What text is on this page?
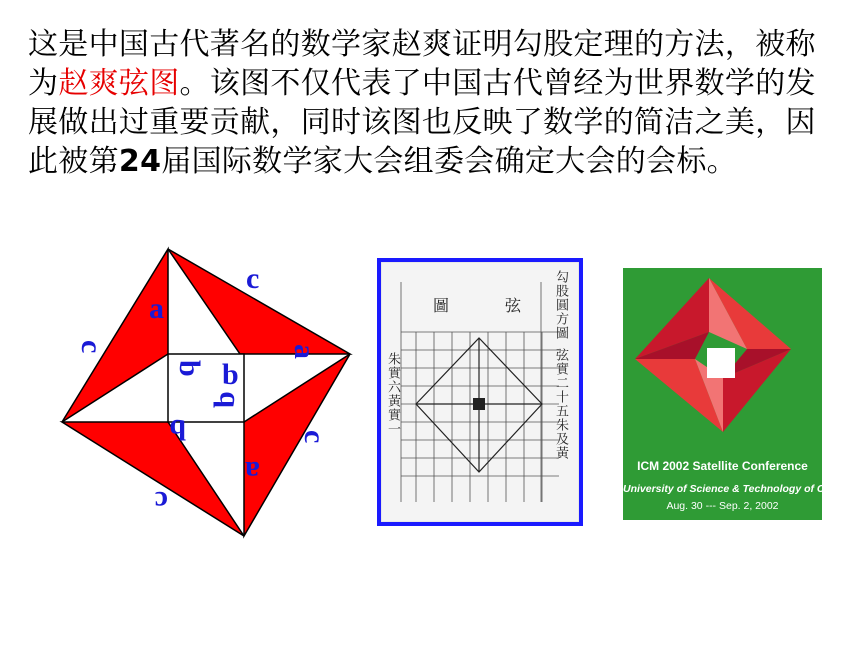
这是中国古代著名的数学家赵爽证明勾股定理的方法，被称为赵爽弦图。该图不仅代表了中国古代曾经为世界数学的发展做出过重要贡献，同时该图也反映了数学的简洁之美，因此被第24届国际数学家大会组委会确定大会的会标。

c
a
a
c
b b
b
b
c
a
c
圖	弦 勾股圓方圖
弦實二十五朱及黃
朱實六黃實一
ICM 2002 Satellite Conference
University of Science & Technology of China
Aug. 30 --- Sep. 2, 2002
